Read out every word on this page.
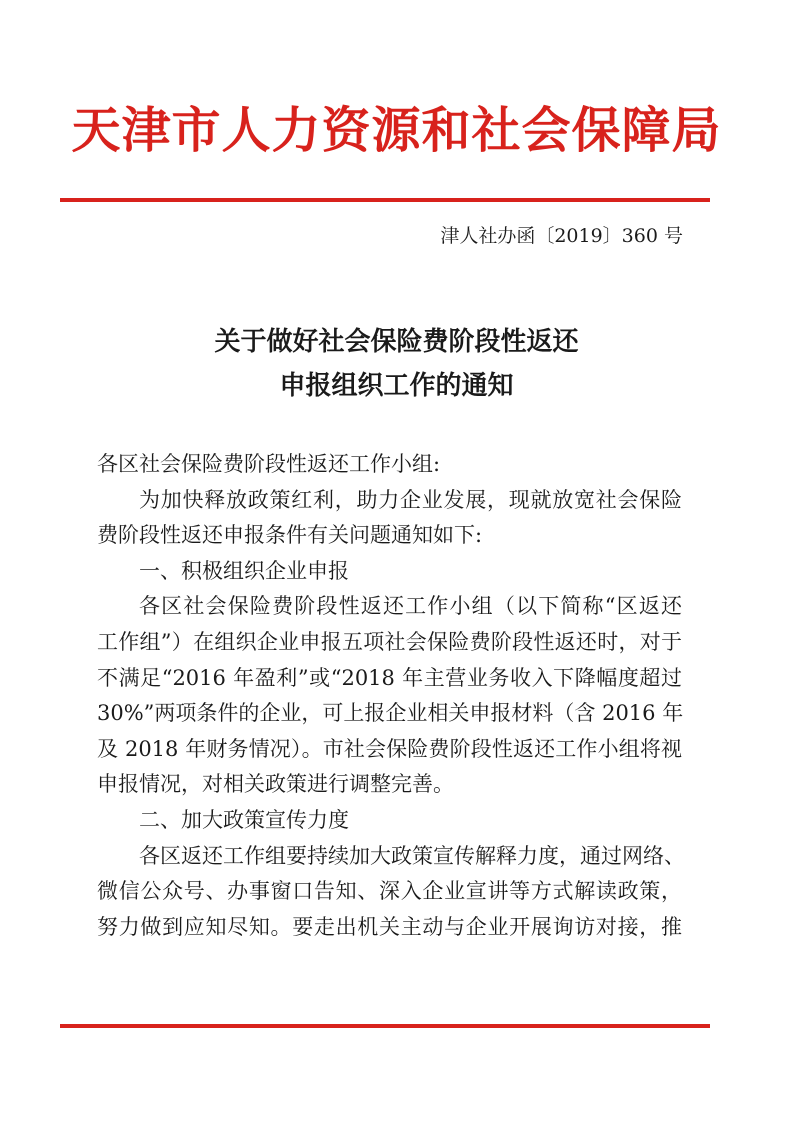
天津市人力资源和社会保障局
津人社办函〔2019〕360 号
关于做好社会保险费阶段性返还
申报组织工作的通知

各区社会保险费阶段性返还工作小组:

为加快释放政策红利，助力企业发展，现就放宽社会保险

费阶段性返还申报条件有关问题通知如下:

一、积极组织企业申报

各区社会保险费阶段性返还工作小组（以下简称“区返还

工作组”）在组织企业申报五项社会保险费阶段性返还时，对于

不满足“2016 年盈利”或“2018 年主营业务收入下降幅度超过

30%”两项条件的企业，可上报企业相关申报材料（含 2016 年

及 2018 年财务情况）。市社会保险费阶段性返还工作小组将视

申报情况，对相关政策进行调整完善。

二、加大政策宣传力度

各区返还工作组要持续加大政策宣传解释力度，通过网络、

微信公众号、办事窗口告知、深入企业宣讲等方式解读政策，

努力做到应知尽知。要走出机关主动与企业开展询访对接，推
